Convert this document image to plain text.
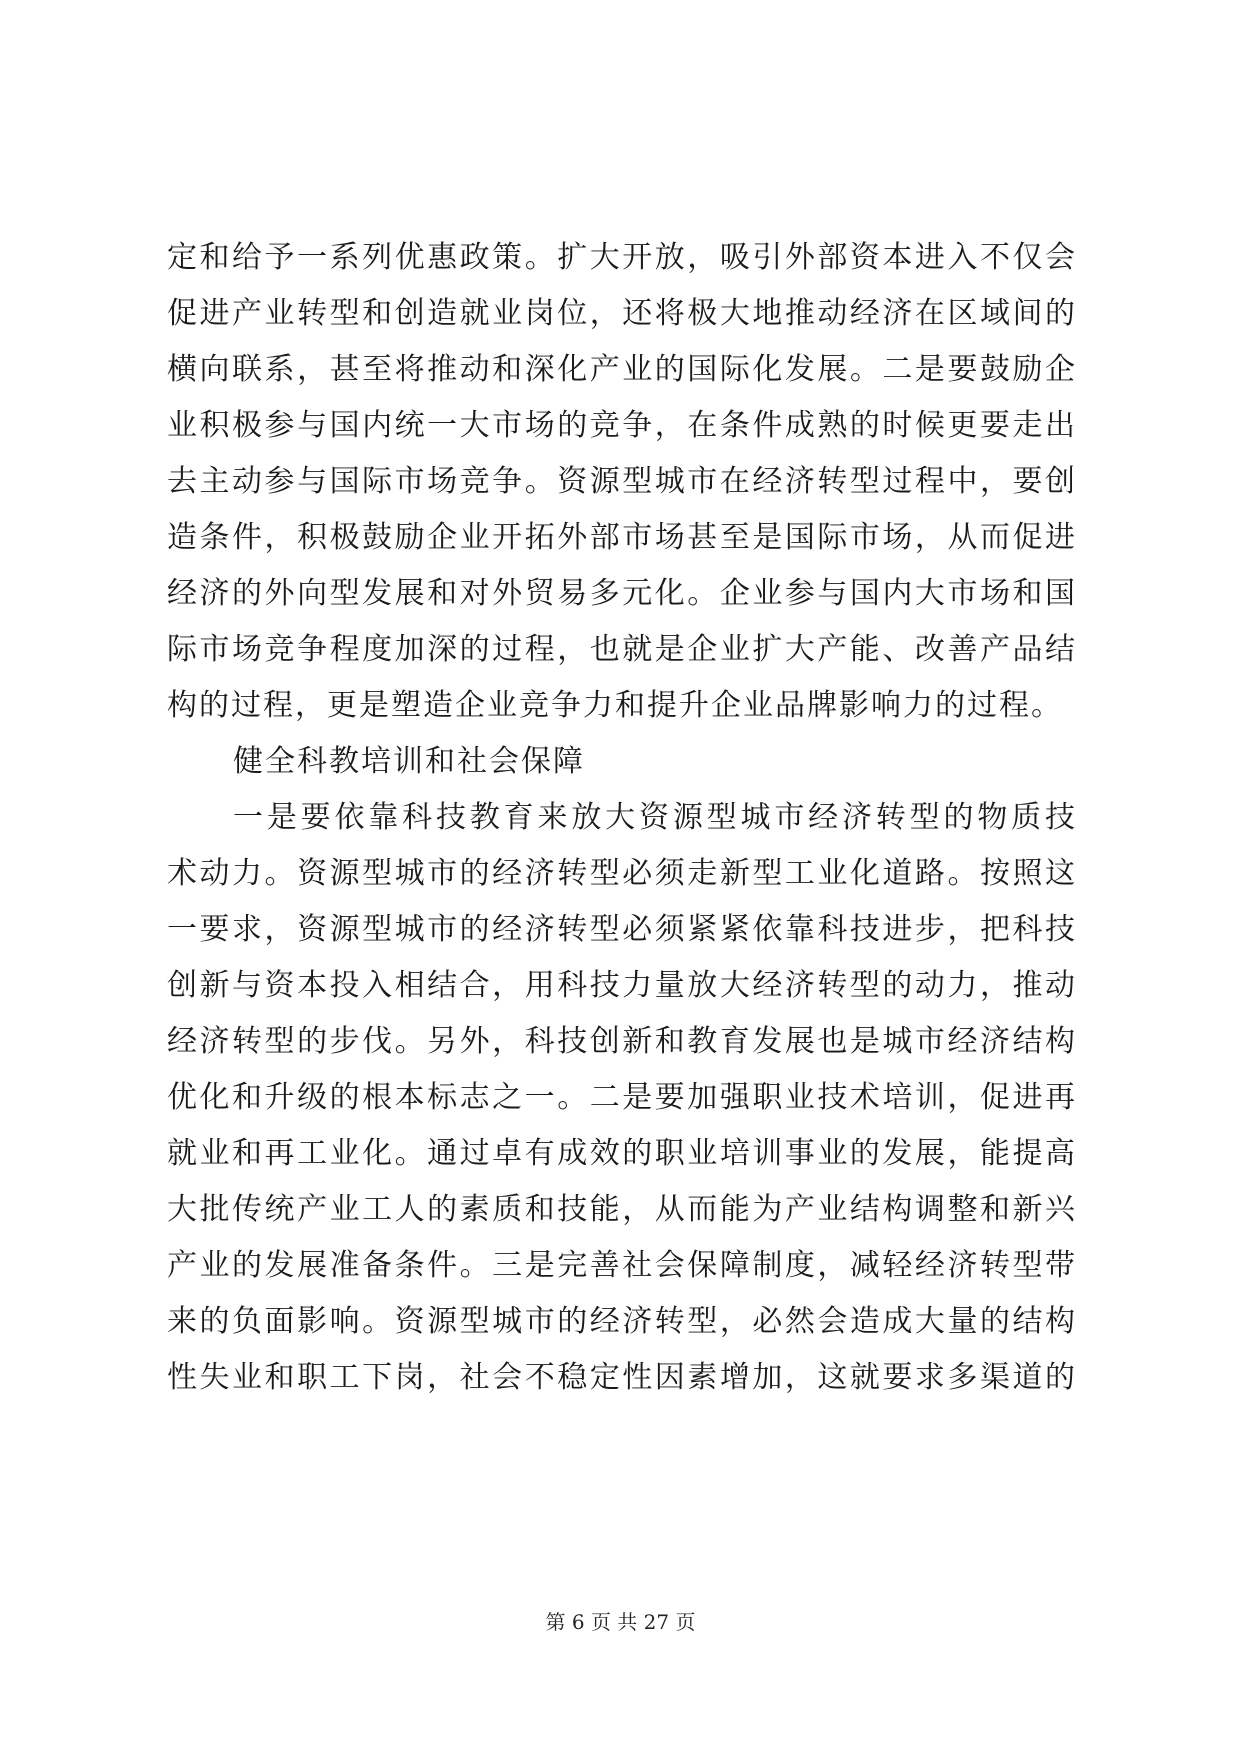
定和给予一系列优惠政策。扩大开放，吸引外部资本进入不仅会
促进产业转型和创造就业岗位，还将极大地推动经济在区域间的
横向联系，甚至将推动和深化产业的国际化发展。二是要鼓励企
业积极参与国内统一大市场的竞争，在条件成熟的时候更要走出
去主动参与国际市场竞争。资源型城市在经济转型过程中，要创
造条件，积极鼓励企业开拓外部市场甚至是国际市场，从而促进
经济的外向型发展和对外贸易多元化。企业参与国内大市场和国
际市场竞争程度加深的过程，也就是企业扩大产能、改善产品结
构的过程，更是塑造企业竞争力和提升企业品牌影响力的过程。
健全科教培训和社会保障
一是要依靠科技教育来放大资源型城市经济转型的物质技
术动力。资源型城市的经济转型必须走新型工业化道路。按照这
一要求，资源型城市的经济转型必须紧紧依靠科技进步，把科技
创新与资本投入相结合，用科技力量放大经济转型的动力，推动
经济转型的步伐。另外，科技创新和教育发展也是城市经济结构
优化和升级的根本标志之一。二是要加强职业技术培训，促进再
就业和再工业化。通过卓有成效的职业培训事业的发展，能提高
大批传统产业工人的素质和技能，从而能为产业结构调整和新兴
产业的发展准备条件。三是完善社会保障制度，减轻经济转型带
来的负面影响。资源型城市的经济转型，必然会造成大量的结构
性失业和职工下岗，社会不稳定性因素增加，这就要求多渠道的
第 6 页 共 27 页
